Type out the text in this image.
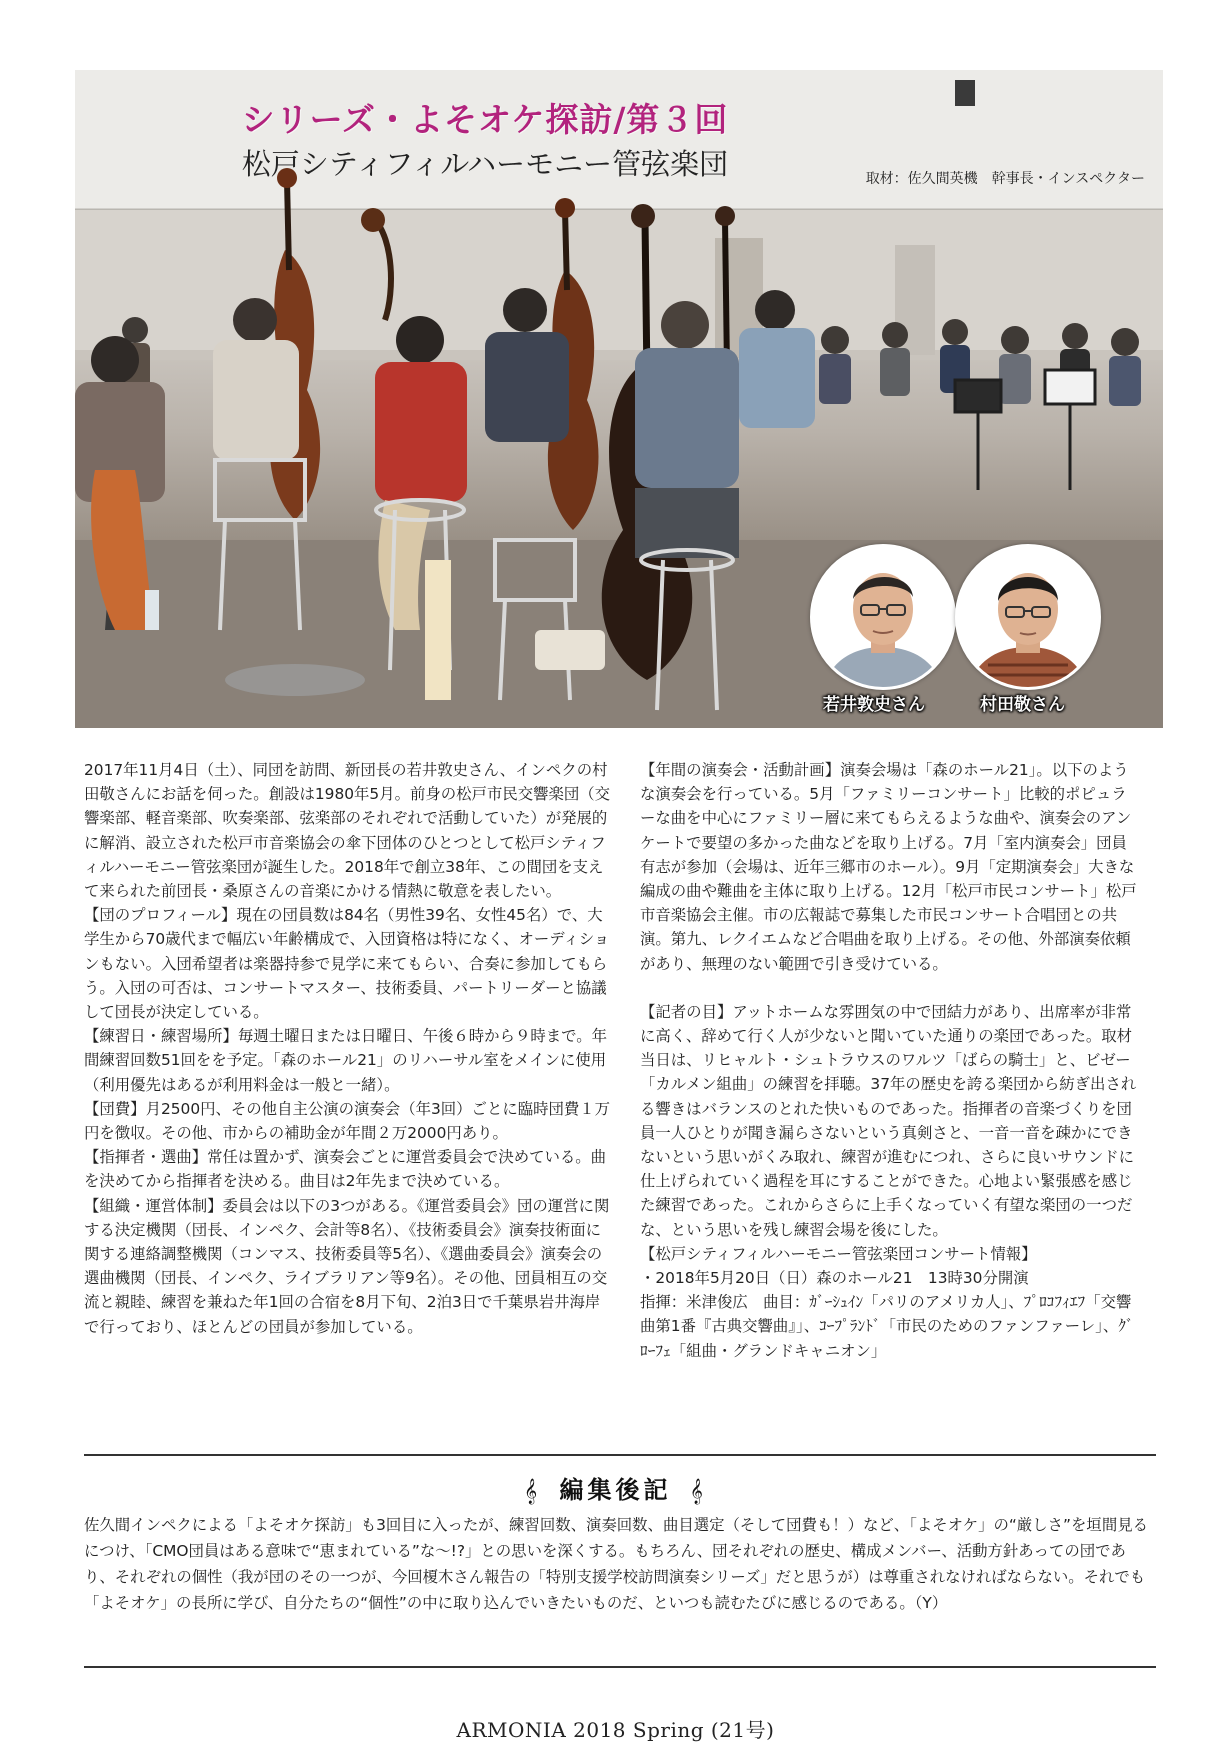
シリーズ・よそオケ探訪/第３回
松戸シティフィルハーモニー管弦楽団	取材：佐久間英機　幹事長・インスペクター
若井敦史さん	村田敬さん

2017年11月4日（土）、同団を訪問、新団長の若井敦史さん、インペクの村田敬さんにお話を伺った。創設は1980年5月。前身の松戸市民交響楽団（交響楽部、軽音楽部、吹奏楽部、弦楽部のそれぞれで活動していた）が発展的に解消、設立された松戸市音楽協会の傘下団体のひとつとして松戸シティフィルハーモニー管弦楽団が誕生した。2018年で創立38年、この間団を支えて来られた前団長・桑原さんの音楽にかける情熱に敬意を表したい。

【団のプロフィール】現在の団員数は84名（男性39名、女性45名）で、大学生から70歳代まで幅広い年齢構成で、入団資格は特になく、オーディションもない。入団希望者は楽器持参で見学に来てもらい、合奏に参加してもらう。入団の可否は、コンサートマスター、技術委員、パートリーダーと協議して団長が決定している。

【練習日・練習場所】毎週土曜日または日曜日、午後６時から９時まで。年間練習回数51回をを予定。「森のホール21」のリハーサル室をメインに使用（利用優先はあるが利用料金は一般と一緒）。

【団費】月2500円、その他自主公演の演奏会（年3回）ごとに臨時団費１万円を徴収。その他、市からの補助金が年間２万2000円あり。

【指揮者・選曲】常任は置かず、演奏会ごとに運営委員会で決めている。曲を決めてから指揮者を決める。曲目は2年先まで決めている。

【組織・運営体制】委員会は以下の3つがある。《運営委員会》団の運営に関する決定機関（団長、インペク、会計等8名）、《技術委員会》演奏技術面に関する連絡調整機関（コンマス、技術委員等5名）、《選曲委員会》演奏会の選曲機関（団長、インペク、ライブラリアン等9名）。その他、団員相互の交流と親睦、練習を兼ねた年1回の合宿を8月下旬、2泊3日で千葉県岩井海岸で行っており、ほとんどの団員が参加している。

【年間の演奏会・活動計画】演奏会場は「森のホール21」。以下のような演奏会を行っている。5月「ファミリーコンサート」比較的ポピュラーな曲を中心にファミリー層に来てもらえるような曲や、演奏会のアンケートで要望の多かった曲などを取り上げる。7月「室内演奏会」団員有志が参加（会場は、近年三郷市のホール）。9月「定期演奏会」大きな編成の曲や難曲を主体に取り上げる。12月「松戸市民コンサート」松戸市音楽協会主催。市の広報誌で募集した市民コンサート合唱団との共演。第九、レクイエムなど合唱曲を取り上げる。その他、外部演奏依頼があり、無理のない範囲で引き受けている。

【記者の目】アットホームな雰囲気の中で団結力があり、出席率が非常に高く、辞めて行く人が少ないと聞いていた通りの楽団であった。取材当日は、リヒャルト・シュトラウスのワルツ「ばらの騎士」と、ビゼー「カルメン組曲」の練習を拝聴。37年の歴史を誇る楽団から紡ぎ出される響きはバランスのとれた快いものであった。指揮者の音楽づくりを団員一人ひとりが聞き漏らさないという真剣さと、一音一音を疎かにできないという思いがくみ取れ、練習が進むにつれ、さらに良いサウンドに仕上げられていく過程を耳にすることができた。心地よい緊張感を感じた練習であった。これからさらに上手くなっていく有望な楽団の一つだな、という思いを残し練習会場を後にした。

【松戸シティフィルハーモニー管弦楽団コンサート情報】

・2018年5月20日（日）森のホール21　13時30分開演

指揮：米津俊広　曲目：ｶﾞｰｼｭｲﾝ「パリのアメリカ人」、ﾌﾟﾛｺﾌｨｴﾌ「交響曲第1番『古典交響曲』」、ｺｰﾌﾟﾗﾝﾄﾞ「市民のためのファンファーレ」、ｸﾞﾛｰﾌｪ「組曲・グランドキャニオン」

𝄞 編集後記 𝄞
佐久間インペクによる「よそオケ探訪」も3回目に入ったが、練習回数、演奏回数、曲目選定（そして団費も！）など、「よそオケ」の“厳しさ”を垣間見るにつけ、「CMO団員はある意味で“恵まれている”な〜!?」との思いを深くする。もちろん、団それぞれの歴史、構成メンバー、活動方針あっての団であり、それぞれの個性（我が団のその一つが、今回榎木さん報告の「特別支援学校訪問演奏シリーズ」だと思うが）は尊重されなければならない。それでも「よそオケ」の長所に学び、自分たちの“個性”の中に取り込んでいきたいものだ、といつも読むたびに感じるのである。（Y）
ARMONIA 2018 Spring (21号)
